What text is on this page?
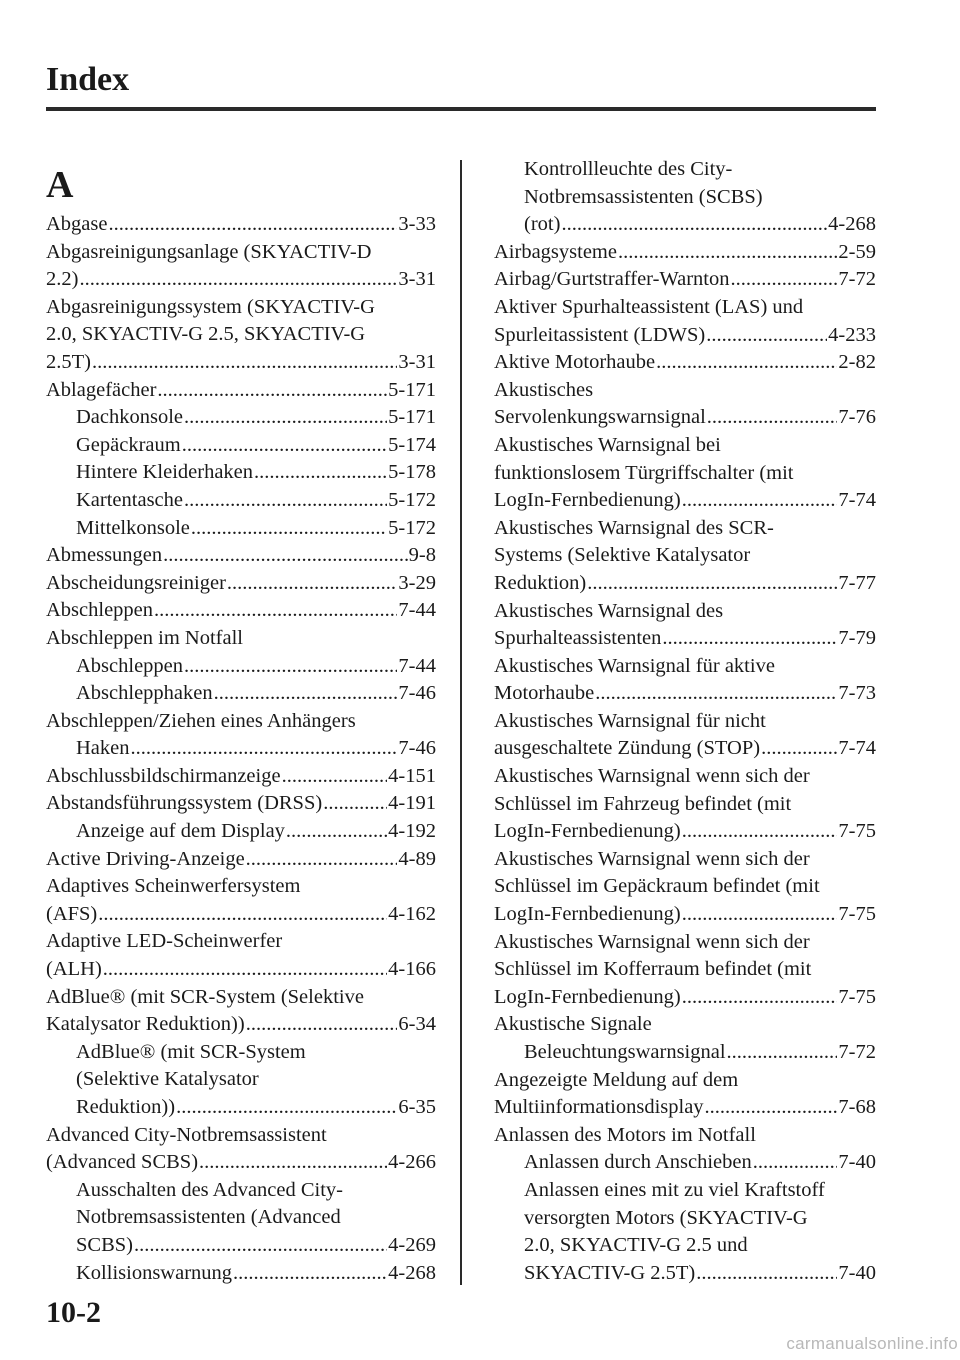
Index
A
Abgase .....	3-33
Abgasreinigungsanlage (SKYACTIV-D
2.2) .....	3-31
Abgasreinigungssystem (SKYACTIV-G
2.0, SKYACTIV-G 2.5, SKYACTIV-G
2.5T) .....	3-31
Ablagefächer .....	5-171
Dachkonsole .....	5-171
Gepäckraum .....	5-174
Hintere Kleiderhaken .....	5-178
Kartentasche .....	5-172
Mittelkonsole .....	5-172
Abmessungen .....	9-8
Abscheidungsreiniger .....	3-29
Abschleppen .....	7-44
Abschleppen im Notfall
Abschleppen .....	7-44
Abschlepphaken .....	7-46
Abschleppen/Ziehen eines Anhängers
Haken .....	7-46
Abschlussbildschirmanzeige .....	4-151
Abstandsführungssystem (DRSS) .....	4-191
Anzeige auf dem Display .....	4-192
Active Driving-Anzeige .....	4-89
Adaptives Scheinwerfersystem
(AFS) .....	4-162
Adaptive LED-Scheinwerfer
(ALH) .....	4-166
AdBlue® (mit SCR-System (Selektive
Katalysator Reduktion)) .....	6-34
AdBlue® (mit SCR-System
(Selektive Katalysator
Reduktion)) .....	6-35
Advanced City-Notbremsassistent
(Advanced SCBS) .....	4-266
Ausschalten des Advanced City-
Notbremsassistenten (Advanced
SCBS) .....	4-269
Kollisionswarnung .....	4-268
Kontrollleuchte des City-
Notbremsassistenten (SCBS)
(rot) .....	4-268
Airbagsysteme .....	2-59
Airbag/Gurtstraffer-Warnton .....	7-72
Aktiver Spurhalteassistent (LAS) und
Spurleitassistent (LDWS) .....	4-233
Aktive Motorhaube .....	2-82
Akustisches
Servolenkungswarnsignal .....	7-76
Akustisches Warnsignal bei
funktionslosem Türgriffschalter (mit
LogIn-Fernbedienung) .....	7-74
Akustisches Warnsignal des SCR-
Systems (Selektive Katalysator
Reduktion) .....	7-77
Akustisches Warnsignal des
Spurhalteassistenten .....	7-79
Akustisches Warnsignal für aktive
Motorhaube .....	7-73
Akustisches Warnsignal für nicht
ausgeschaltete Zündung (STOP) .....	7-74
Akustisches Warnsignal wenn sich der
Schlüssel im Fahrzeug befindet (mit
LogIn-Fernbedienung) .....	7-75
Akustisches Warnsignal wenn sich der
Schlüssel im Gepäckraum befindet (mit
LogIn-Fernbedienung) .....	7-75
Akustisches Warnsignal wenn sich der
Schlüssel im Kofferraum befindet (mit
LogIn-Fernbedienung) .....	7-75
Akustische Signale
Beleuchtungswarnsignal .....	7-72
Angezeigte Meldung auf dem
Multiinformationsdisplay .....	7-68
Anlassen des Motors im Notfall
Anlassen durch Anschieben .....	7-40
Anlassen eines mit zu viel Kraftstoff
versorgten Motors (SKYACTIV-G
2.0, SKYACTIV-G 2.5 und
SKYACTIV-G 2.5T) .....	7-40
10-2
carmanualsonline.info
